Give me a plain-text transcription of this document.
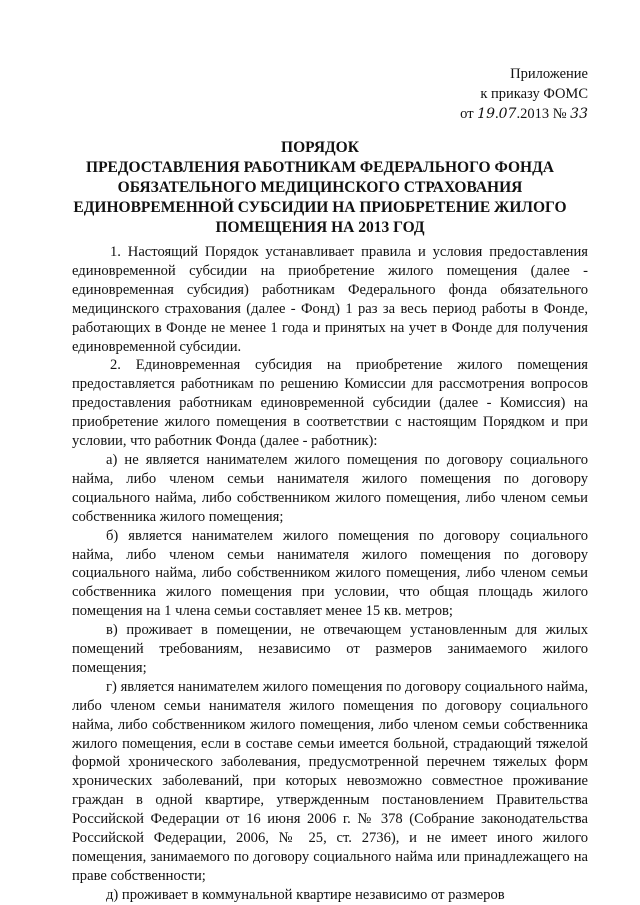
Приложение
к приказу ФОМС
от 19.07.2013 № 33
ПОРЯДОК
ПРЕДОСТАВЛЕНИЯ РАБОТНИКАМ ФЕДЕРАЛЬНОГО ФОНДА
ОБЯЗАТЕЛЬНОГО МЕДИЦИНСКОГО СТРАХОВАНИЯ
ЕДИНОВРЕМЕННОЙ СУБСИДИИ НА ПРИОБРЕТЕНИЕ ЖИЛОГО
ПОМЕЩЕНИЯ НА 2013 ГОД

1. Настоящий Порядок устанавливает правила и условия предоставления единовременной субсидии на приобретение жилого помещения (далее - единовременная субсидия) работникам Федерального фонда обязательного медицинского страхования (далее - Фонд) 1 раз за весь период работы в Фонде, работающих в Фонде не менее 1 года и принятых на учет в Фонде для получения единовременной субсидии.

2. Единовременная субсидия на приобретение жилого помещения предоставляется работникам по решению Комиссии для рассмотрения вопросов предоставления работникам единовременной субсидии (далее - Комиссия) на приобретение жилого помещения в соответствии с настоящим Порядком и при условии, что работник Фонда (далее - работник):

а) не является нанимателем жилого помещения по договору социального найма, либо членом семьи нанимателя жилого помещения по договору социального найма, либо собственником жилого помещения, либо членом семьи собственника жилого помещения;

б) является нанимателем жилого помещения по договору социального найма, либо членом семьи нанимателя жилого помещения по договору социального найма, либо собственником жилого помещения, либо членом семьи собственника жилого помещения при условии, что общая площадь жилого помещения на 1 члена семьи составляет менее 15 кв. метров;

в) проживает в помещении, не отвечающем установленным для жилых помещений требованиям, независимо от размеров занимаемого жилого помещения;

г) является нанимателем жилого помещения по договору социального найма, либо членом семьи нанимателя жилого помещения по договору социального найма, либо собственником жилого помещения, либо членом семьи собственника жилого помещения, если в составе семьи имеется больной, страдающий тяжелой формой хронического заболевания, предусмотренной перечнем тяжелых форм хронических заболеваний, при которых невозможно совместное проживание граждан в одной квартире, утвержденным постановлением Правительства Российской Федерации от 16 июня 2006 г. № 378 (Собрание законодательства Российской Федерации, 2006, № 25, ст. 2736), и не имеет иного жилого помещения, занимаемого по договору социального найма или принадлежащего на праве собственности;

д) проживает в коммунальной квартире независимо от размеров
